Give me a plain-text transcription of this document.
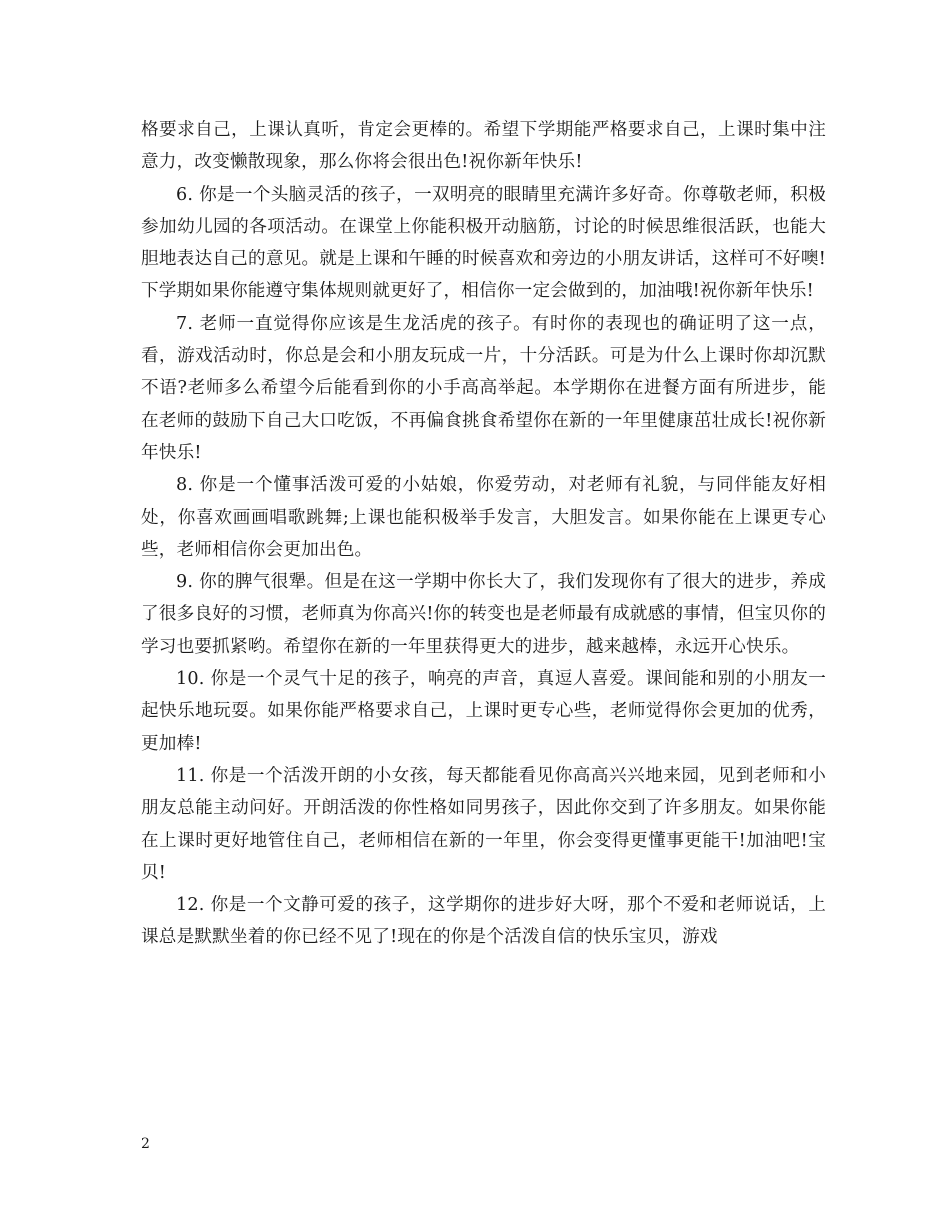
格要求自己，上课认真听，肯定会更棒的。希望下学期能严格要求自己，上课时集中注意力，改变懒散现象，那么你将会很出色!祝你新年快乐!

6. 你是一个头脑灵活的孩子，一双明亮的眼睛里充满许多好奇。你尊敬老师，积极参加幼儿园的各项活动。在课堂上你能积极开动脑筋，讨论的时候思维很活跃，也能大胆地表达自己的意见。就是上课和午睡的时候喜欢和旁边的小朋友讲话，这样可不好噢!下学期如果你能遵守集体规则就更好了，相信你一定会做到的，加油哦!祝你新年快乐!

7. 老师一直觉得你应该是生龙活虎的孩子。有时你的表现也的确证明了这一点，看，游戏活动时，你总是会和小朋友玩成一片，十分活跃。可是为什么上课时你却沉默不语?老师多么希望今后能看到你的小手高高举起。本学期你在进餐方面有所进步，能在老师的鼓励下自己大口吃饭，不再偏食挑食希望你在新的一年里健康茁壮成长!祝你新年快乐!

8. 你是一个懂事活泼可爱的小姑娘，你爱劳动，对老师有礼貌，与同伴能友好相处，你喜欢画画唱歌跳舞;上课也能积极举手发言，大胆发言。如果你能在上课更专心些，老师相信你会更加出色。

9. 你的脾气很犟。但是在这一学期中你长大了，我们发现你有了很大的进步，养成了很多良好的习惯，老师真为你高兴!你的转变也是老师最有成就感的事情，但宝贝你的学习也要抓紧哟。希望你在新的一年里获得更大的进步，越来越棒，永远开心快乐。

10. 你是一个灵气十足的孩子，响亮的声音，真逗人喜爱。课间能和别的小朋友一起快乐地玩耍。如果你能严格要求自己，上课时更专心些，老师觉得你会更加的优秀，更加棒!

11. 你是一个活泼开朗的小女孩，每天都能看见你高高兴兴地来园，见到老师和小朋友总能主动问好。开朗活泼的你性格如同男孩子，因此你交到了许多朋友。如果你能在上课时更好地管住自己，老师相信在新的一年里，你会变得更懂事更能干!加油吧!宝贝!

12. 你是一个文静可爱的孩子，这学期你的进步好大呀，那个不爱和老师说话，上课总是默默坐着的你已经不见了!现在的你是个活泼自信的快乐宝贝，游戏

2
